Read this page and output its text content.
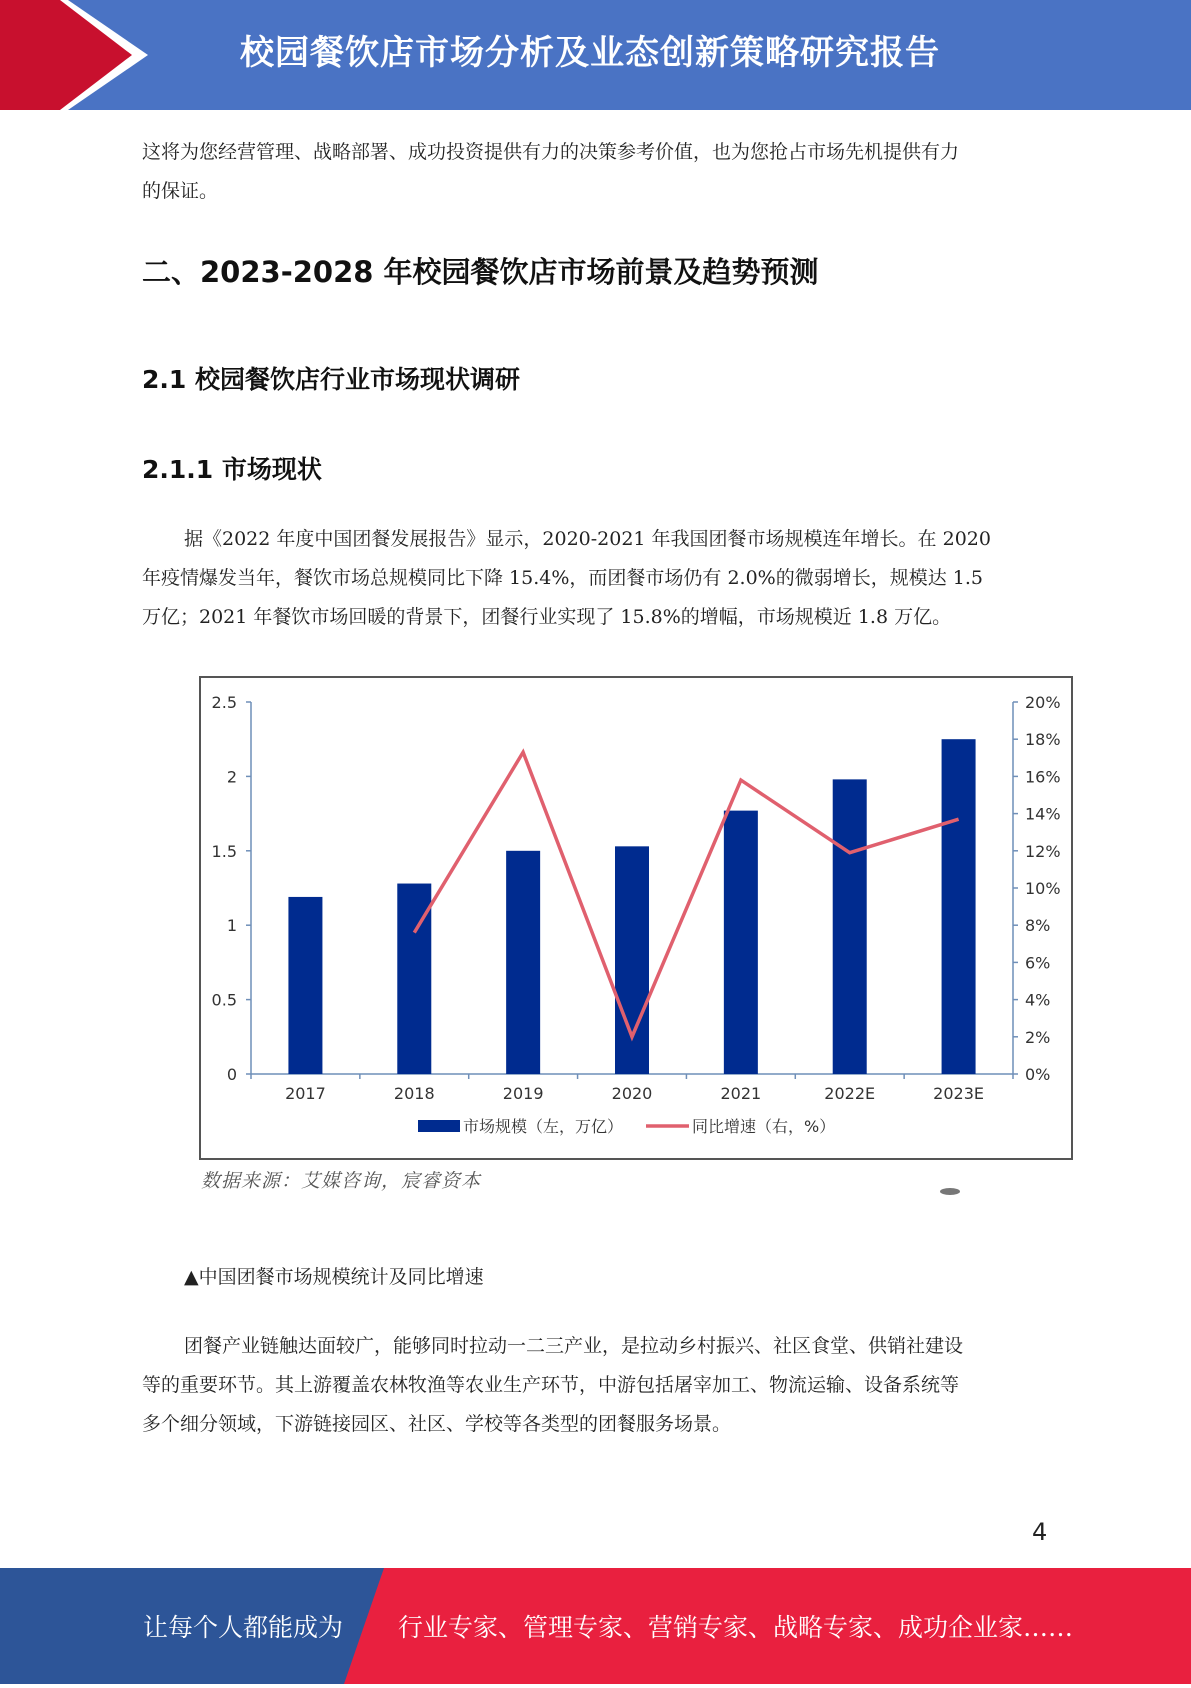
校园餐饮店市场分析及业态创新策略研究报告
这将为您经营管理、战略部署、成功投资提供有力的决策参考价值，也为您抢占市场先机提供有力
的保证。
二、2023-2028 年校园餐饮店市场前景及趋势预测
2.1 校园餐饮店行业市场现状调研
2.1.1 市场现状
据《2022 年度中国团餐发展报告》显示，2020-2021 年我国团餐市场规模连年增长。在 2020
年疫情爆发当年，餐饮市场总规模同比下降 15.4%，而团餐市场仍有 2.0%的微弱增长，规模达 1.5
万亿；2021 年餐饮市场回暖的背景下，团餐行业实现了 15.8%的增幅，市场规模近 1.8 万亿。
0
0.5
1
1.5
2
2.5
0%
2%
4%
6%
8%
10%
12%
14%
16%
18%
20%
2017	2018	2019	2020	2021	2022E	2023E
市场规模（左，万亿）	同比增速（右，%）
数据来源：艾媒咨询，宸睿资本
▲中国团餐市场规模统计及同比增速
团餐产业链触达面较广，能够同时拉动一二三产业，是拉动乡村振兴、社区食堂、供销社建设
等的重要环节。其上游覆盖农林牧渔等农业生产环节，中游包括屠宰加工、物流运输、设备系统等
多个细分领域，下游链接园区、社区、学校等各类型的团餐服务场景。
4
让每个人都能成为 行业专家、管理专家、营销专家、战略专家、成功企业家……
